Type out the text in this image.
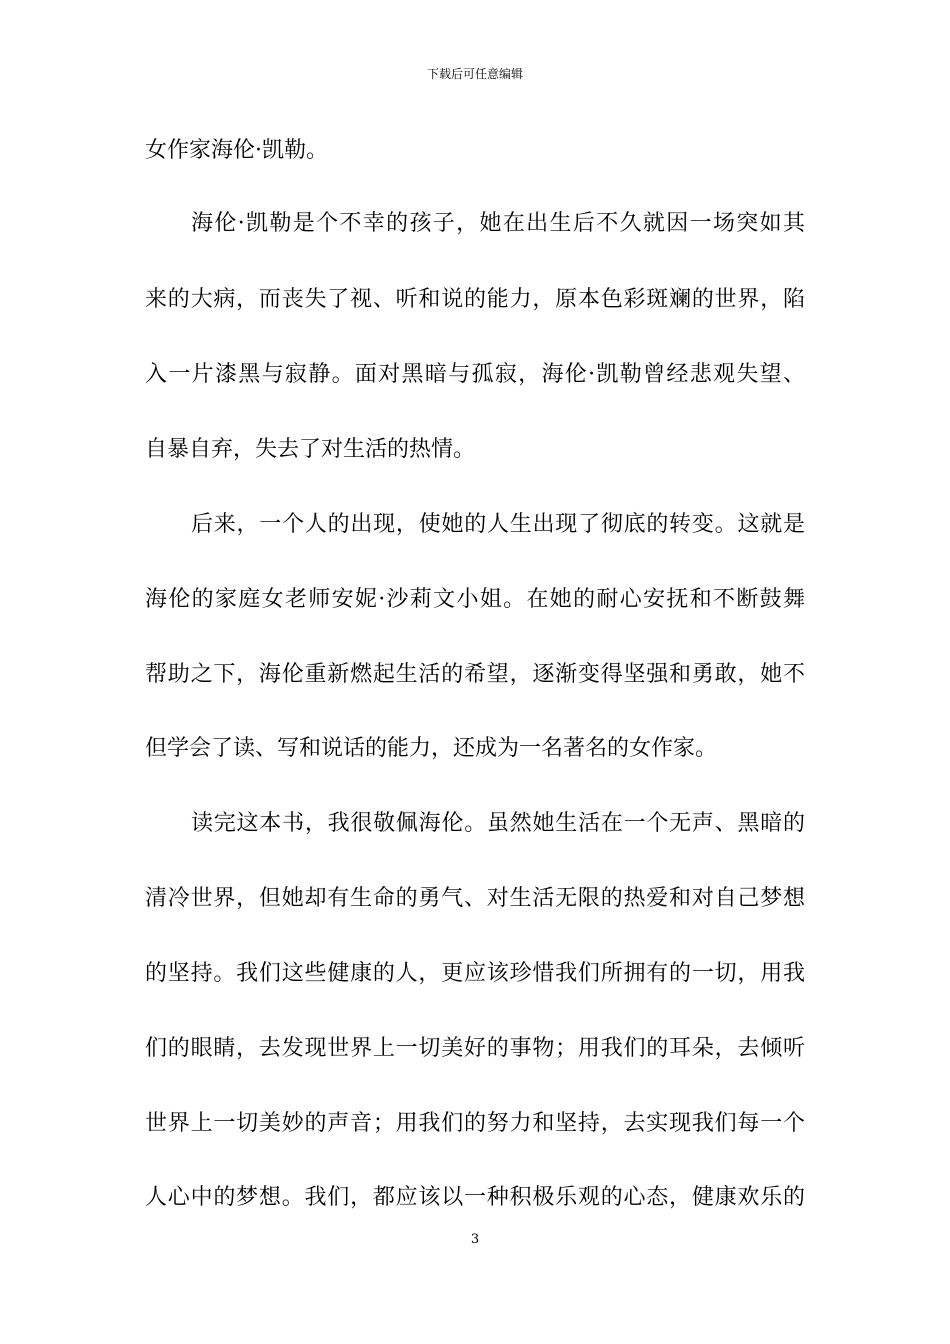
下载后可任意编辑
女作家海伦·凯勒。
海伦·凯勒是个不幸的孩子，她在出生后不久就因一场突如其
来的大病，而丧失了视、听和说的能力，原本色彩斑斓的世界，陷
入一片漆黑与寂静。面对黑暗与孤寂，海伦·凯勒曾经悲观失望、
自暴自弃，失去了对生活的热情。
后来，一个人的出现，使她的人生出现了彻底的转变。这就是
海伦的家庭女老师安妮·沙莉文小姐。在她的耐心安抚和不断鼓舞
帮助之下，海伦重新燃起生活的希望，逐渐变得坚强和勇敢，她不
但学会了读、写和说话的能力，还成为一名著名的女作家。
读完这本书，我很敬佩海伦。虽然她生活在一个无声、黑暗的
清冷世界，但她却有生命的勇气、对生活无限的热爱和对自己梦想
的坚持。我们这些健康的人，更应该珍惜我们所拥有的一切，用我
们的眼睛，去发现世界上一切美好的事物；用我们的耳朵，去倾听
世界上一切美妙的声音；用我们的努力和坚持，去实现我们每一个
人心中的梦想。我们，都应该以一种积极乐观的心态，健康欢乐的
3
